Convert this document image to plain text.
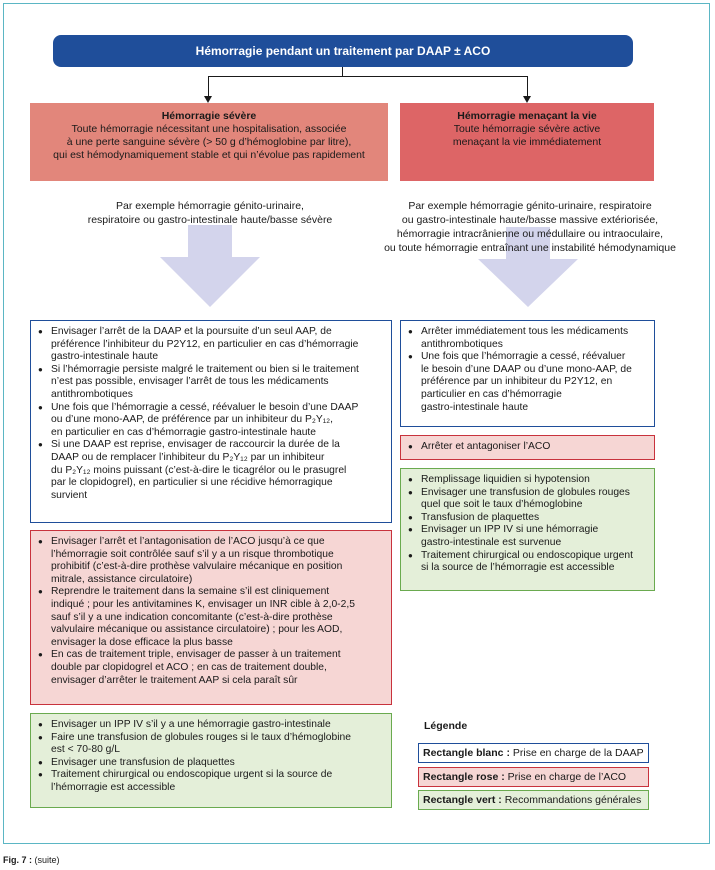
Hémorragie pendant un traitement par DAAP ± ACO
Hémorragie sévère
Toute hémorragie nécessitant une hospitalisation, associée
à une perte sanguine sévère (> 50 g d’hémoglobine par litre),
qui est hémodynamiquement stable et qui n’évolue pas rapidement
Hémorragie menaçant la vie
Toute hémorragie sévère active
menaçant la vie immédiatement
Par exemple hémorragie génito-urinaire,
respiratoire ou gastro-intestinale haute/basse sévère
Par exemple hémorragie génito-urinaire, respiratoire
ou gastro-intestinale haute/basse massive extériorisée,
hémorragie intracrânienne ou médullaire ou intraoculaire,
ou toute hémorragie entraînant une instabilité hémodynamique
● Envisager l’arrêt de la DAAP et la poursuite d’un seul AAP, de
préférence l’inhibiteur du P2Y12, en particulier en cas d’hémorragie
gastro-intestinale haute
● Si l’hémorragie persiste malgré le traitement ou bien si le traitement
n’est pas possible, envisager l’arrêt de tous les médicaments
antithrombotiques
● Une fois que l’hémorragie a cessé, réévaluer le besoin d’une DAAP
ou d’une mono-AAP, de préférence par un inhibiteur du P₂Y₁₂,
en particulier en cas d’hémorragie gastro-intestinale haute
● Si une DAAP est reprise, envisager de raccourcir la durée de la
DAAP ou de remplacer l’inhibiteur du P₂Y₁₂ par un inhibiteur
du P₂Y₁₂ moins puissant (c’est-à-dire le ticagrélor ou le prasugrel
par le clopidogrel), en particulier si une récidive hémorragique
survient
● Envisager l’arrêt et l’antagonisation de l’ACO jusqu’à ce que
l’hémorragie soit contrôlée sauf s’il y a un risque thrombotique
prohibitif (c’est-à-dire prothèse valvulaire mécanique en position
mitrale, assistance circulatoire)
● Reprendre le traitement dans la semaine s’il est cliniquement
indiqué ; pour les antivitamines K, envisager un INR cible à 2,0-2,5
sauf s’il y a une indication concomitante (c’est-à-dire prothèse
valvulaire mécanique ou assistance circulatoire) ; pour les AOD,
envisager la dose efficace la plus basse
● En cas de traitement triple, envisager de passer à un traitement
double par clopidogrel et ACO ; en cas de traitement double,
envisager d’arrêter le traitement AAP si cela paraît sûr
● Envisager un IPP IV s’il y a une hémorragie gastro-intestinale
● Faire une transfusion de globules rouges si le taux d’hémoglobine
est < 70-80 g/L
● Envisager une transfusion de plaquettes
● Traitement chirurgical ou endoscopique urgent si la source de
l’hémorragie est accessible
● Arrêter immédiatement tous les médicaments
antithrombotiques
● Une fois que l’hémorragie a cessé, réévaluer
le besoin d’une DAAP ou d’une mono-AAP, de
préférence par un inhibiteur du P2Y12, en
particulier en cas d’hémorragie
gastro-intestinale haute
● Arrêter et antagoniser l’ACO
● Remplissage liquidien si hypotension
● Envisager une transfusion de globules rouges
quel que soit le taux d’hémoglobine
● Transfusion de plaquettes
● Envisager un IPP IV si une hémorragie
gastro-intestinale est survenue
● Traitement chirurgical ou endoscopique urgent
si la source de l’hémorragie est accessible
Légende
Rectangle blanc : Prise en charge de la DAAP
Rectangle rose : Prise en charge de l’ACO
Rectangle vert : Recommandations générales
Fig. 7 : (suite)
